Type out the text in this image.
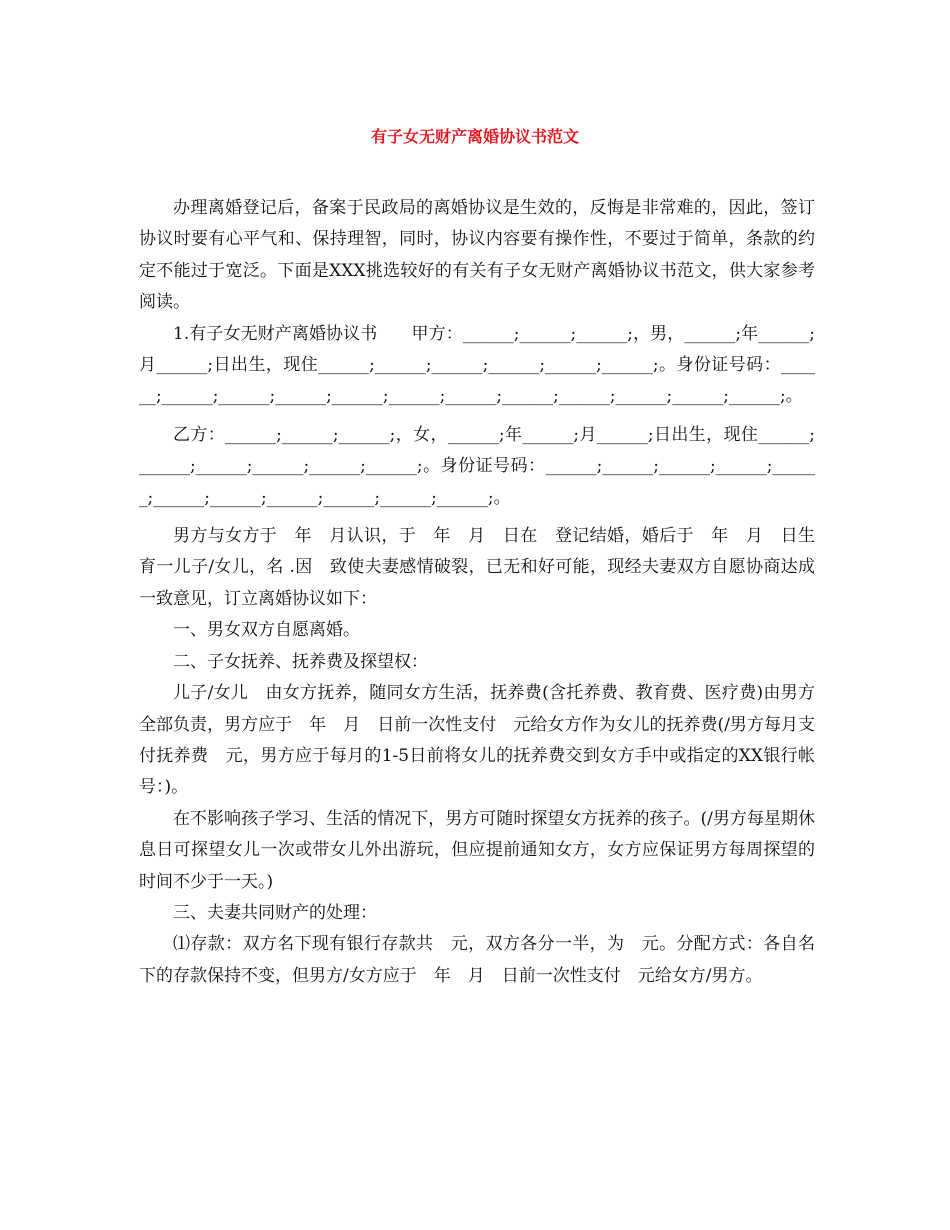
有子女无财产离婚协议书范文

办理离婚登记后，备案于民政局的离婚协议是生效的，反悔是非常难的，因此，签订协议时要有心平气和、保持理智，同时，协议内容要有操作性，不要过于简单，条款的约定不能过于宽泛。下面是XXX挑选较好的有关有子女无财产离婚协议书范文，供大家参考阅读。

1.有子女无财产离婚协议书　　甲方：______;______;______;，男，______;年______;月______;日出生，现住______;______;______;______;______;______;。身份证号码：______;______;______;______;______;______;______;______;______;______;______;______;。

乙方：______;______;______;，女，______;年______;月______;日出生，现住______;______;______;______;______;______;。身份证号码：______;______;______;______;______;______;______;______;______;______;______;。

男方与女方于　年　月认识，于　年　月　日在　登记结婚，婚后于　年　月　日生育一儿子/女儿，名 .因　致使夫妻感情破裂，已无和好可能，现经夫妻双方自愿协商达成一致意见，订立离婚协议如下：

一、男女双方自愿离婚。

二、子女抚养、抚养费及探望权：

儿子/女儿　由女方抚养，随同女方生活，抚养费(含托养费、教育费、医疗费)由男方全部负责，男方应于　年　月　日前一次性支付　元给女方作为女儿的抚养费(/男方每月支付抚养费　元，男方应于每月的1-5日前将女儿的抚养费交到女方手中或指定的XX银行帐号：)。

在不影响孩子学习、生活的情况下，男方可随时探望女方抚养的孩子。(/男方每星期休息日可探望女儿一次或带女儿外出游玩，但应提前通知女方，女方应保证男方每周探望的时间不少于一天。)

三、夫妻共同财产的处理：

⑴存款：双方名下现有银行存款共　元，双方各分一半，为　元。分配方式：各自名下的存款保持不变，但男方/女方应于　年　月　日前一次性支付　元给女方/男方。
